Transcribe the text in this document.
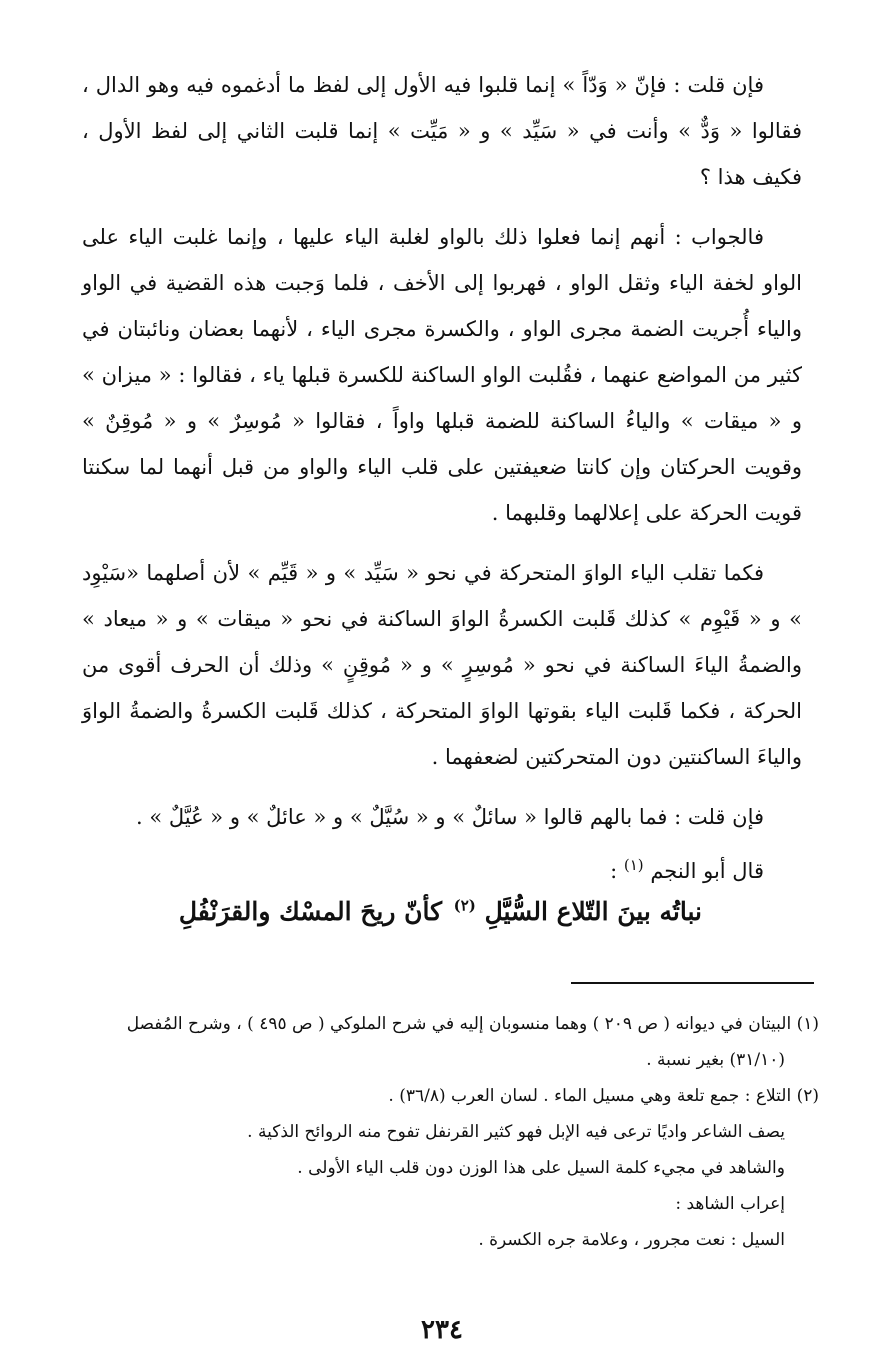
فإن قلت : فإنّ « وَدّاً » إنما قلبوا فيه الأول إلى لفظ ما أدغموه فيه وهو الدال ، فقالوا « وَدٌّ » وأنت في « سَيِّد » و « مَيِّت » إنما قلبت الثاني إلى لفظ الأول ، فكيف هذا ؟

فالجواب : أنهم إنما فعلوا ذلك بالواو لغلبة الياء عليها ، وإنما غلبت الياء على الواو لخفة الياء وثقل الواو ، فهربوا إلى الأخف ، فلما وَجبت هذه القضية في الواو والياء أُجريت الضمة مجرى الواو ، والكسرة مجرى الياء ، لأنهما بعضان ونائبتان في كثير من المواضع عنهما ، فقُلبت الواو الساكنة للكسرة قبلها ياء ، فقالوا : « ميزان » و « ميقات » والياءُ الساكنة للضمة قبلها واواً ، فقالوا « مُوسِرٌ » و « مُوقِنٌ » وقويت الحركتان وإن كانتا ضعيفتين على قلب الياء والواو من قبل أنهما لما سكنتا قويت الحركة على إعلالهما وقلبهما .

فكما تقلب الياء الواوَ المتحركة في نحو « سَيِّد » و « قَيِّم » لأن أصلهما «سَيْوِد » و « قَيْوِم » كذلك قَلبت الكسرةُ الواوَ الساكنة في نحو « ميقات » و « ميعاد » والضمةُ الياءَ الساكنة في نحو « مُوسِرٍ » و « مُوقِنٍ » وذلك أن الحرف أقوى من الحركة ، فكما قَلبت الياء بقوتها الواوَ المتحركة ، كذلك قَلبت الكسرةُ والضمةُ الواوَ والياءَ الساكنتين دون المتحركتين لضعفهما .

فإن قلت : فما بالهم قالوا « سائلٌ » و « سُيَّلٌ » و « عائلٌ » و « عُيَّلٌ » .

قال أبو النجم $^{(١)}$ :

كأنّ ريحَ المسْك والقرَنْفُلِ	نباتُه بينَ التّلاع السُّيَّلِ $^{(٢)}$

(١) البيتان في ديوانه ( ص ٢٠٩ ) وهما منسوبان إليه في شرح الملوكي ( ص ٤٩٥ ) ، وشرح المُفصل (٣١/١٠) بغير نسبة .

(٢) التلاع : جمع تلعة وهي مسيل الماء . لسان العرب (٣٦/٨) .

يصف الشاعر واديًا ترعى فيه الإبل فهو كثير القرنفل تفوح منه الروائح الذكية .

والشاهد في مجيء كلمة السيل على هذا الوزن دون قلب الياء الأولى .

إعراب الشاهد :

السيل : نعت مجرور ، وعلامة جره الكسرة .

٢٣٤
